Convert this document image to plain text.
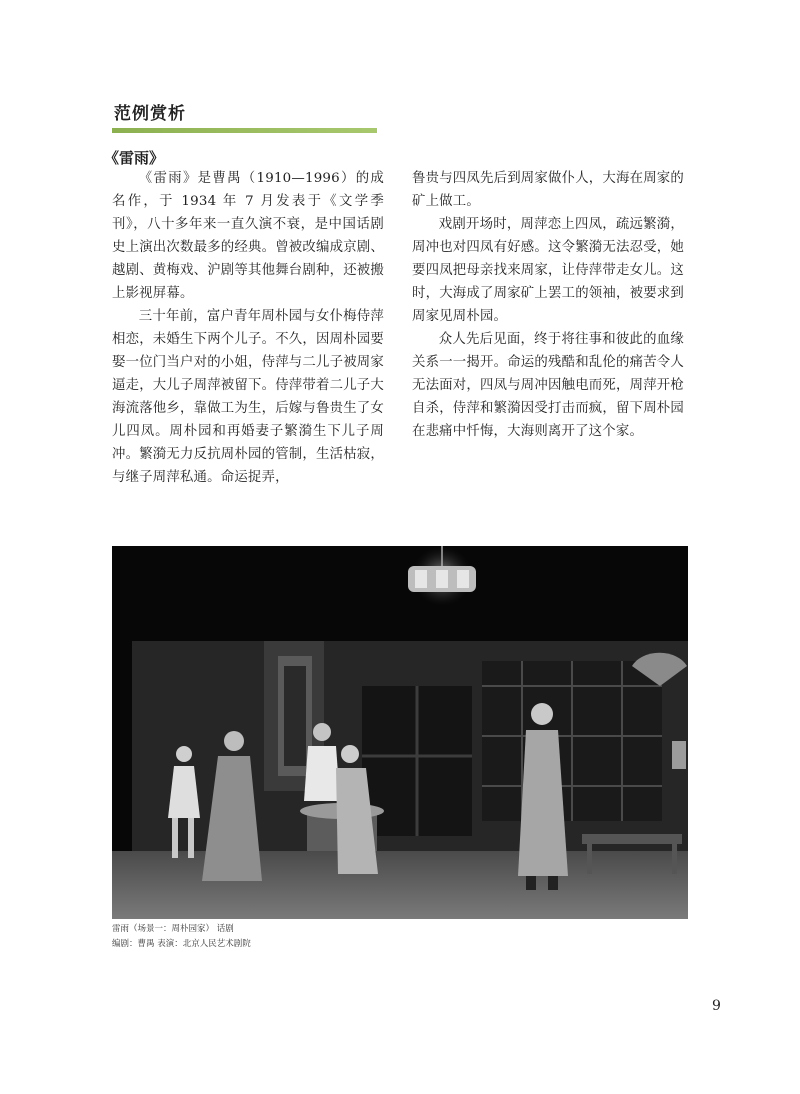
范例赏析
《雷雨》

《雷雨》是曹禺（1910—1996）的成名作，于 1934 年 7 月发表于《文学季刊》，八十多年来一直久演不衰，是中国话剧史上演出次数最多的经典。曾被改编成京剧、越剧、黄梅戏、沪剧等其他舞台剧种，还被搬上影视屏幕。

三十年前，富户青年周朴园与女仆梅侍萍相恋，未婚生下两个儿子。不久，因周朴园要娶一位门当户对的小姐，侍萍与二儿子被周家逼走，大儿子周萍被留下。侍萍带着二儿子大海流落他乡，靠做工为生，后嫁与鲁贵生了女儿四凤。周朴园和再婚妻子繁漪生下儿子周冲。繁漪无力反抗周朴园的管制，生活枯寂，与继子周萍私通。命运捉弄，

鲁贵与四凤先后到周家做仆人，大海在周家的矿上做工。

戏剧开场时，周萍恋上四凤，疏远繁漪，周冲也对四凤有好感。这令繁漪无法忍受，她要四凤把母亲找来周家，让侍萍带走女儿。这时，大海成了周家矿上罢工的领袖，被要求到周家见周朴园。

众人先后见面，终于将往事和彼此的血缘关系一一揭开。命运的残酷和乱伦的痛苦令人无法面对，四凤与周冲因触电而死，周萍开枪自杀，侍萍和繁漪因受打击而疯，留下周朴园在悲痛中忏悔，大海则离开了这个家。

雷雨（场景一：周朴园家） 话剧
编剧：曹禺 表演：北京人民艺术剧院
9
